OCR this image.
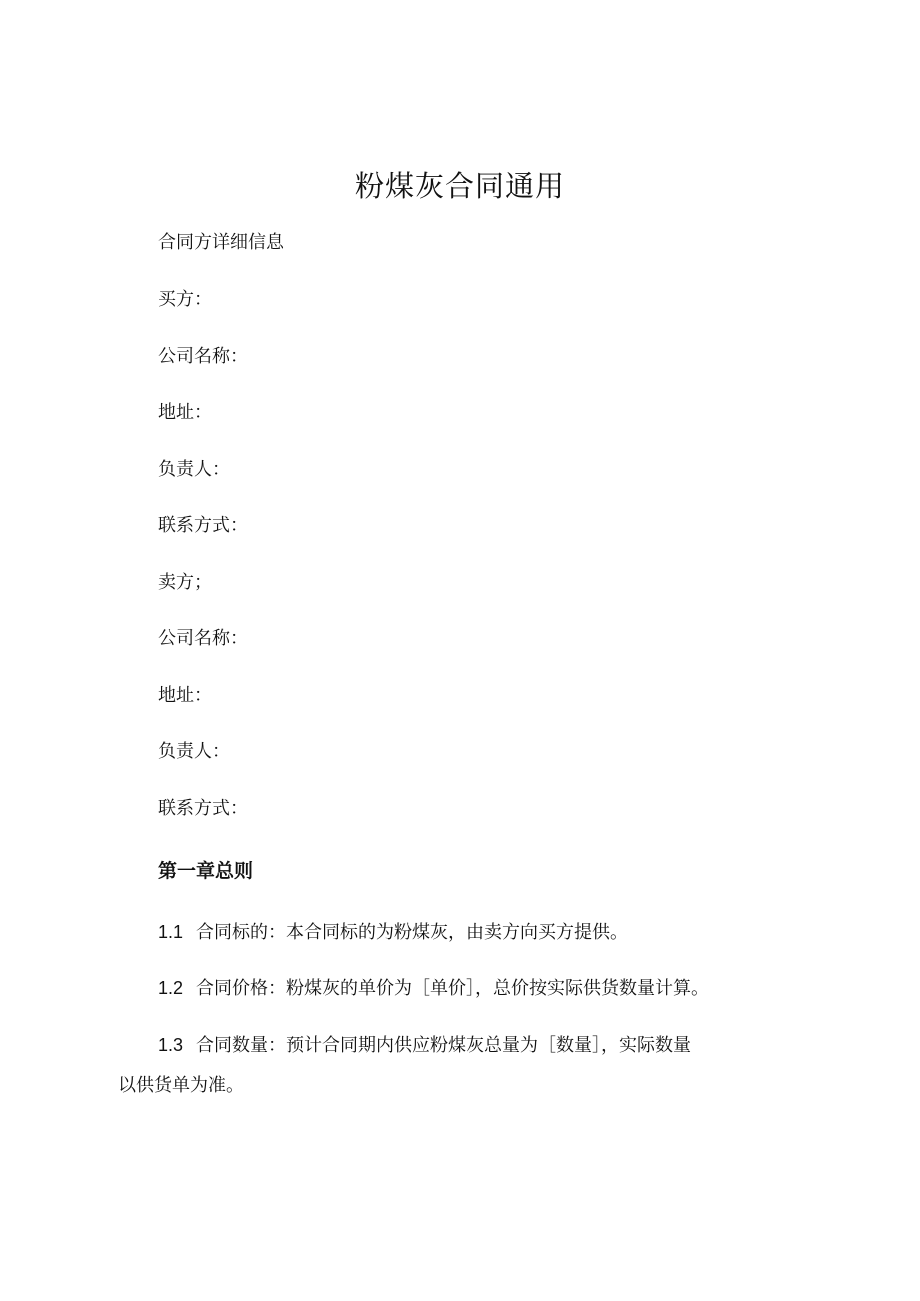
粉煤灰合同通用
合同方详细信息
买方：
公司名称：
地址：
负责人：
联系方式：
卖方；
公司名称：
地址：
负责人：
联系方式：
第一章总则
1.1 合同标的：本合同标的为粉煤灰，由卖方向买方提供。
1.2 合同价格：粉煤灰的单价为［单价］，总价按实际供货数量计算。
1.3 合同数量：预计合同期内供应粉煤灰总量为［数量］，实际数量
以供货单为准。
